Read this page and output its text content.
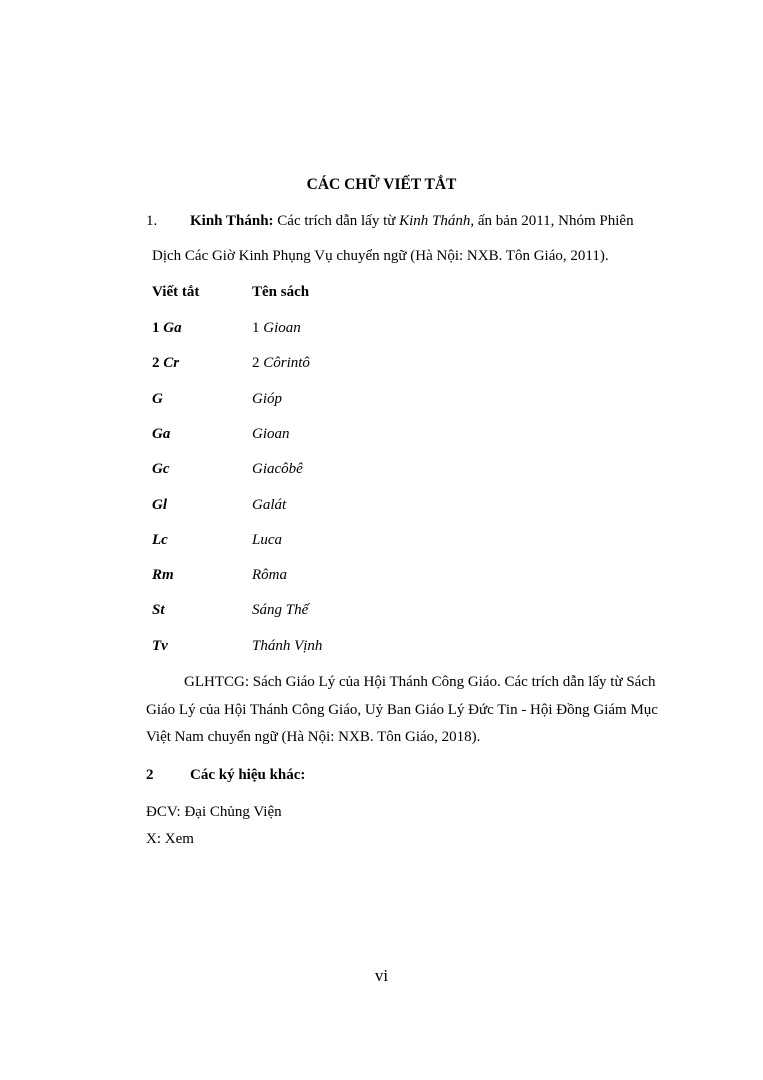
CÁC CHỮ VIẾT TẮT
1. Kinh Thánh: Các trích dẫn lấy từ Kinh Thánh, ấn bản 2011, Nhóm Phiên
Dịch Các Giờ Kinh Phụng Vụ chuyển ngữ (Hà Nội: NXB. Tôn Giáo, 2011).
Viết tắt	Tên sách
1 Ga	1 Gioan
2 Cr	2 Côrintô
G	Gióp
Ga	Gioan
Gc	Giacôbê
Gl	Galát
Lc	Luca
Rm	Rôma
St	Sáng Thế
Tv	Thánh Vịnh
GLHTCG: Sách Giáo Lý của Hội Thánh Công Giáo. Các trích dẫn lấy từ Sách
Giáo Lý của Hội Thánh Công Giáo, Uỷ Ban Giáo Lý Đức Tin - Hội Đồng Giám Mục
Việt Nam chuyển ngữ (Hà Nội: NXB. Tôn Giáo, 2018).
2 Các ký hiệu khác:
ĐCV: Đại Chủng Viện
X: Xem
vi
